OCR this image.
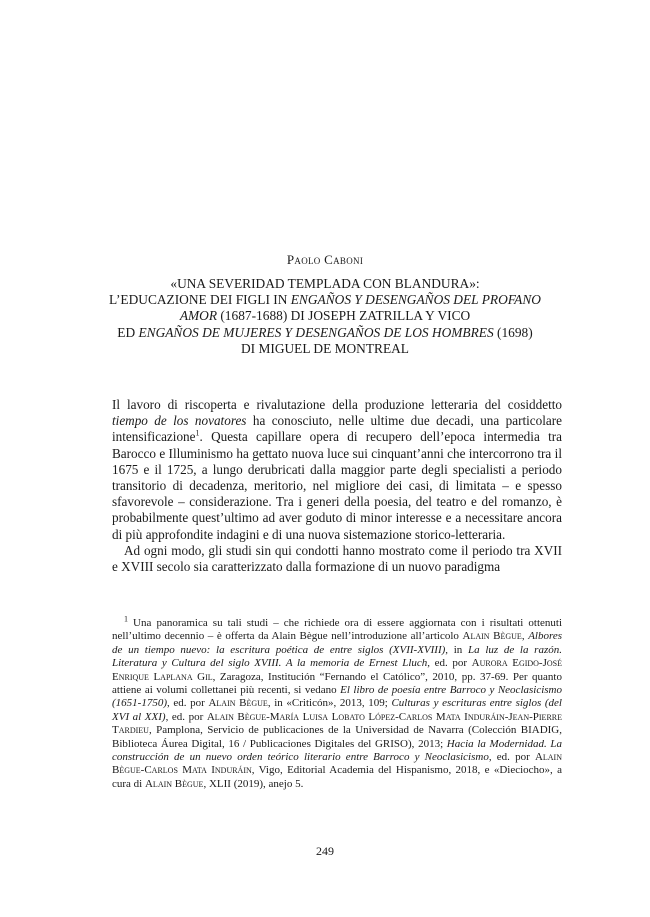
Paolo Caboni
«UNA SEVERIDAD TEMPLADA CON BLANDURA»:
L’EDUCAZIONE DEI FIGLI IN ENGAÑOS Y DESENGAÑOS DEL PROFANO AMOR (1687-1688) DI JOSEPH ZATRILLA Y VICO
ED ENGAÑOS DE MUJERES Y DESENGAÑOS DE LOS HOMBRES (1698)
DI MIGUEL DE MONTREAL

Il lavoro di riscoperta e rivalutazione della produzione letteraria del cosiddetto tiempo de los novatores ha conosciuto, nelle ultime due decadi, una particolare intensificazione$^1$. Questa capillare opera di recupero dell’epoca intermedia tra Barocco e Illuminismo ha gettato nuova luce sui cinquant’anni che intercorrono tra il 1675 e il 1725, a lungo derubricati dalla maggior parte degli specialisti a periodo transitorio di decadenza, meritorio, nel migliore dei casi, di limitata – e spesso sfavorevole – considerazione. Tra i generi della poesia, del teatro e del romanzo, è probabilmente quest’ultimo ad aver goduto di minor interesse e a necessitare ancora di più approfondite indagini e di una nuova sistemazione storico-letteraria.

Ad ogni modo, gli studi sin qui condotti hanno mostrato come il periodo tra XVII e XVIII secolo sia caratterizzato dalla formazione di un nuovo paradigma

$^1$ Una panoramica su tali studi – che richiede ora di essere aggiornata con i risultati ottenuti nell’ultimo decennio – è offerta da Alain Bègue nell’introduzione all’articolo Alain Bègue, Albores de un tiempo nuevo: la escritura poética de entre siglos (XVII-XVIII), in La luz de la razón. Literatura y Cultura del siglo XVIII. A la memoria de Ernest Lluch, ed. por Aurora Egido-José Enrique Laplana Gil, Zaragoza, Institución “Fernando el Católico”, 2010, pp. 37-69. Per quanto attiene ai volumi collettanei più recenti, si vedano El libro de poesía entre Barroco y Neoclasicismo (1651-1750), ed. por Alain Bègue, in «Criticón», 2013, 109; Culturas y escrituras entre siglos (del XVI al XXI), ed. por Alain Bègue-María Luisa Lobato López-Carlos Mata Induráin-Jean-Pierre Tardieu, Pamplona, Servicio de publicaciones de la Universidad de Navarra (Colección BIADIG, Biblioteca Áurea Digital, 16 / Publicaciones Digitales del GRISO), 2013; Hacia la Modernidad. La construcción de un nuevo orden teórico literario entre Barroco y Neoclasicismo, ed. por Alain Bègue-Carlos Mata Induráin, Vigo, Editorial Academia del Hispanismo, 2018, e «Dieciocho», a cura di Alain Bègue, XLII (2019), anejo 5.

249
